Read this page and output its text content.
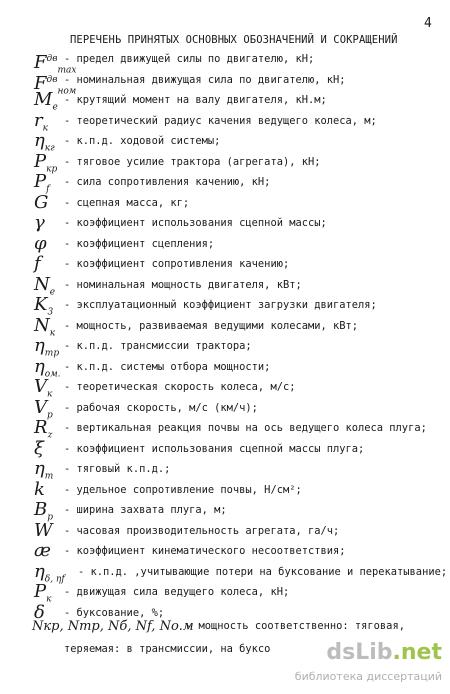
4
ПЕРЕЧЕНЬ ПРИНЯТЫХ ОСНОВНЫХ ОБОЗНАЧЕНИЙ И СОКРАЩЕНИЙ
$F^{дв}_{max}$
- предел движущей силы по двигателю, кН;
$F^{дв}_{ном}$
- номинальная движущая сила по двигателю, кН;
$M_e$
- крутящий момент на валу двигателя, кН.м;
$r_к$
- теоретический радиус качения ведущего колеса, м;
$\eta_{кг}$
- к.п.д. ходовой системы;
$P_{кр}$
- тяговое усилие трактора (агрегата), кН;
$P_f$
- сила сопротивления качению, кН;
G - сцепная масса, кг;
γ - коэффициент использования сцепной массы;
φ - коэффициент сцепления;
f - коэффициент сопротивления качению;
$N_e$
- номинальная мощность двигателя, кВт;
$K_3$
- эксплуатационный коэффициент загрузки двигателя;
$N_к$
- мощность, развиваемая ведущими колесами, кВт;
$\eta_{тр}$
- к.п.д. трансмиссии трактора;
$\eta_{ом.}$
- к.п.д. системы отбора мощности;
$V_к$
- теоретическая скорость колеса, м/с;
$V_p$
- рабочая скорость, м/с (км/ч);
$R_z$
- вертикальная реакция почвы на ось ведущего колеса плуга;
ξ - коэффициент использования сцепной массы плуга;
$\eta_т$
- тяговый к.п.д.;
k - удельное сопротивление почвы, Н/см²;
$B_p$
- ширина захвата плуга, м;
W - часовая производительность агрегата, га/ч;
æ - коэффициент кинематического несоответствия;
$\eta_{\delta, \eta f}$
- к.п.д. ,учитывающие потери на буксование и перекатывание;
$P_к$
- движущая сила ведущего колеса, кН;
δ - буксование, %;
Nкр, Nтр, Nб, Nf, Nо.м
- мощность соответственно: тяговая,
теряемая: в трансмиссии, на буксо	dsLib.net
библиотека диссертаций
